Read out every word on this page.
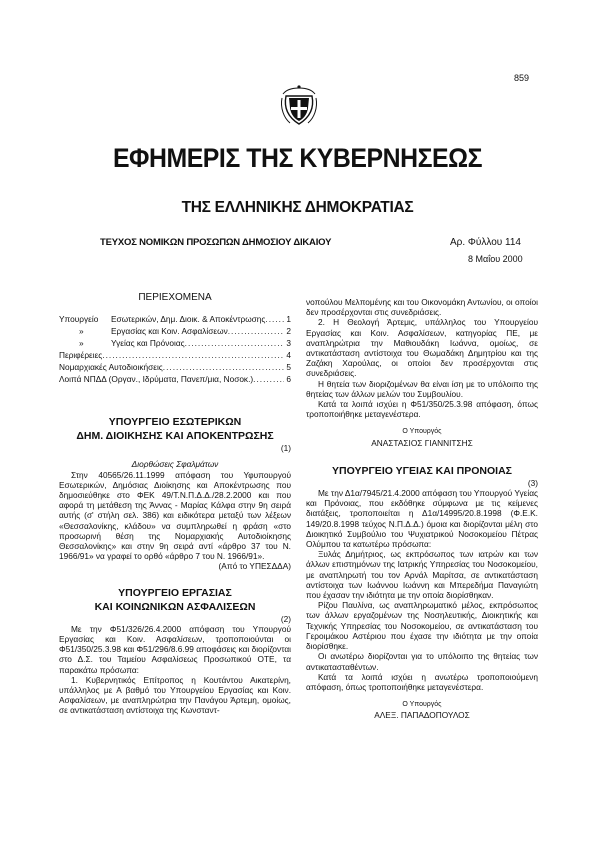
859
ΕΦΗΜΕΡΙΣ ΤΗΣ ΚΥΒΕΡΝΗΣΕΩΣ
ΤΗΣ ΕΛΛΗΝΙΚΗΣ ΔΗΜΟΚΡΑΤΙΑΣ
ΤΕΥΧΟΣ ΝΟΜΙΚΩΝ ΠΡΟΣΩΠΩΝ ΔΗΜΟΣΙΟΥ ΔΙΚΑΙΟΥ	Αρ. Φύλλου 114
8 Μαΐου 2000
ΠΕΡΙΕΧΟΜΕΝΑ
Υπουργείο	Εσωτερικών, Δημ. Διοικ. & Αποκέντρωσης .....	1
»	Εργασίας και Κοιν. Ασφαλίσεων .....	2
»	Υγείας και Πρόνοιας .....	3
Περιφέρειες .....	4
Νομαρχιακές Αυτοδιοικήσεις .....	5
Λοιπά ΝΠΔΔ (Οργαν., Ιδρύματα, Πανεπ/μια, Νοσοκ.) .....	6
ΥΠΟΥΡΓΕΙΟ ΕΣΩΤΕΡΙΚΩΝ
ΔΗΜ. ΔΙΟΙΚΗΣΗΣ ΚΑΙ ΑΠΟΚΕΝΤΡΩΣΗΣ
(1)
Διορθώσεις Σφαλμάτων
Στην 40565/26.11.1999 απόφαση του Υφυπουργού Εσωτερικών, Δημόσιας Διοίκησης και Αποκέντρωσης που δημοσιεύθηκε στο ΦΕΚ 49/Τ.Ν.Π.Δ.Δ./28.2.2000 και που αφορά τη μετάθεση της Άννας - Μαρίας Κάλφα στην 9η σειρά αυτής (σ' στήλη σελ. 386) και ειδικότερα μεταξύ των λέξεων «Θεσσαλονίκης, κλάδου» να συμπληρωθεί η φράση «στο προσωρινή θέση της Νομαρχιακής Αυτοδιοίκησης Θεσσαλονίκης» και στην 9η σειρά αντί «άρθρο 37 του Ν. 1966/91» να γραφεί το ορθό «άρθρο 7 του Ν. 1966/91».
(Από το ΥΠΕΣΔΔΑ)
ΥΠΟΥΡΓΕΙΟ ΕΡΓΑΣΙΑΣ
ΚΑΙ ΚΟΙΝΩΝΙΚΩΝ ΑΣΦΑΛΙΣΕΩΝ
(2)
Με την Φ51/326/26.4.2000 απόφαση του Υπουργού Εργασίας και Κοιν. Ασφαλίσεων, τροποποιούνται οι Φ51/350/25.3.98 και Φ51/296/8.6.99 αποφάσεις και διορίζονται στο Δ.Σ. του Ταμείου Ασφαλίσεως Προσωπικού ΟΤΕ, τα παρακάτω πρόσωπα:
1. Κυβερνητικός Επίτροπος η Κουτάντου Αικατερίνη, υπάλληλος με Α βαθμό του Υπουργείου Εργασίας και Κοιν. Ασφαλίσεων, με αναπληρώτρια την Πανάγου Άρτεμη, ομοίως, σε αντικατάσταση αντίστοιχα της Κωνσταντ-
νοπούλου Μελπομένης και του Οικονομάκη Αντωνίου, οι οποίοι δεν προσέρχονται στις συνεδριάσεις.
2. Η Θεολογή Άρτεμις, υπάλληλος του Υπουργείου Εργασίας και Κοιν. Ασφαλίσεων, κατηγορίας ΠΕ, με αναπληρώτρια την Μαθιουδάκη Ιωάννα, ομοίως, σε αντικατάσταση αντίστοιχα του Θωμαδάκη Δημητρίου και της Ζαζάκη Χαρούλας, οι οποίοι δεν προσέρχονται στις συνεδριάσεις.
Η θητεία των διοριζομένων θα είναι ίση με το υπόλοιπο της θητείας των άλλων μελών του Συμβουλίου.
Κατά τα λοιπά ισχύει η Φ51/350/25.3.98 απόφαση, όπως τροποποιήθηκε μεταγενέστερα.
Ο Υπουργός
ΑΝΑΣΤΑΣΙΟΣ ΓΙΑΝΝΙΤΣΗΣ
ΥΠΟΥΡΓΕΙΟ ΥΓΕΙΑΣ ΚΑΙ ΠΡΟΝΟΙΑΣ
(3)
Με την Δ1α/7945/21.4.2000 απόφαση του Υπουργού Υγείας και Πρόνοιας, που εκδόθηκε σύμφωνα με τις κείμενες διατάξεις, τροποποιείται η Δ1α/14995/20.8.1998 (Φ.Ε.Κ. 149/20.8.1998 τεύχος Ν.Π.Δ.Δ.) όμοια και διορίζονται μέλη στο Διοικητικό Συμβούλιο του Ψυχιατρικού Νοσοκομείου Πέτρας Ολύμπου τα κατωτέρω πρόσωπα:
Ξυλάς Δημήτριος, ως εκπρόσωπος των ιατρών και των άλλων επιστημόνων της Ιατρικής Υπηρεσίας του Νοσοκομείου, με αναπληρωτή του τον Αρνάλ Μαρίτσα, σε αντικατάσταση αντίστοιχα των Ιωάννου Ιωάννη και Μπερεδήμα Παναγιώτη που έχασαν την ιδιότητα με την οποία διορίσθηκαν.
Ρίζου Παυλίνα, ως αναπληρωματικό μέλος, εκπρόσωπος των άλλων εργαζομένων της Νοσηλευτικής, Διοικητικής και Τεχνικής Υπηρεσίας του Νοσοκομείου, σε αντικατάσταση του Γεροιμάκου Αστέριου που έχασε την ιδιότητα με την οποία διορίσθηκε.
Οι ανωτέρω διορίζονται για το υπόλοιπο της θητείας των αντικατασταθέντων.
Κατά τα λοιπά ισχύει η ανωτέρω τροποποιούμενη απόφαση, όπως τροποποιήθηκε μεταγενέστερα.
Ο Υπουργός
ΑΛΕΞ. ΠΑΠΑΔΟΠΟΥΛΟΣ
